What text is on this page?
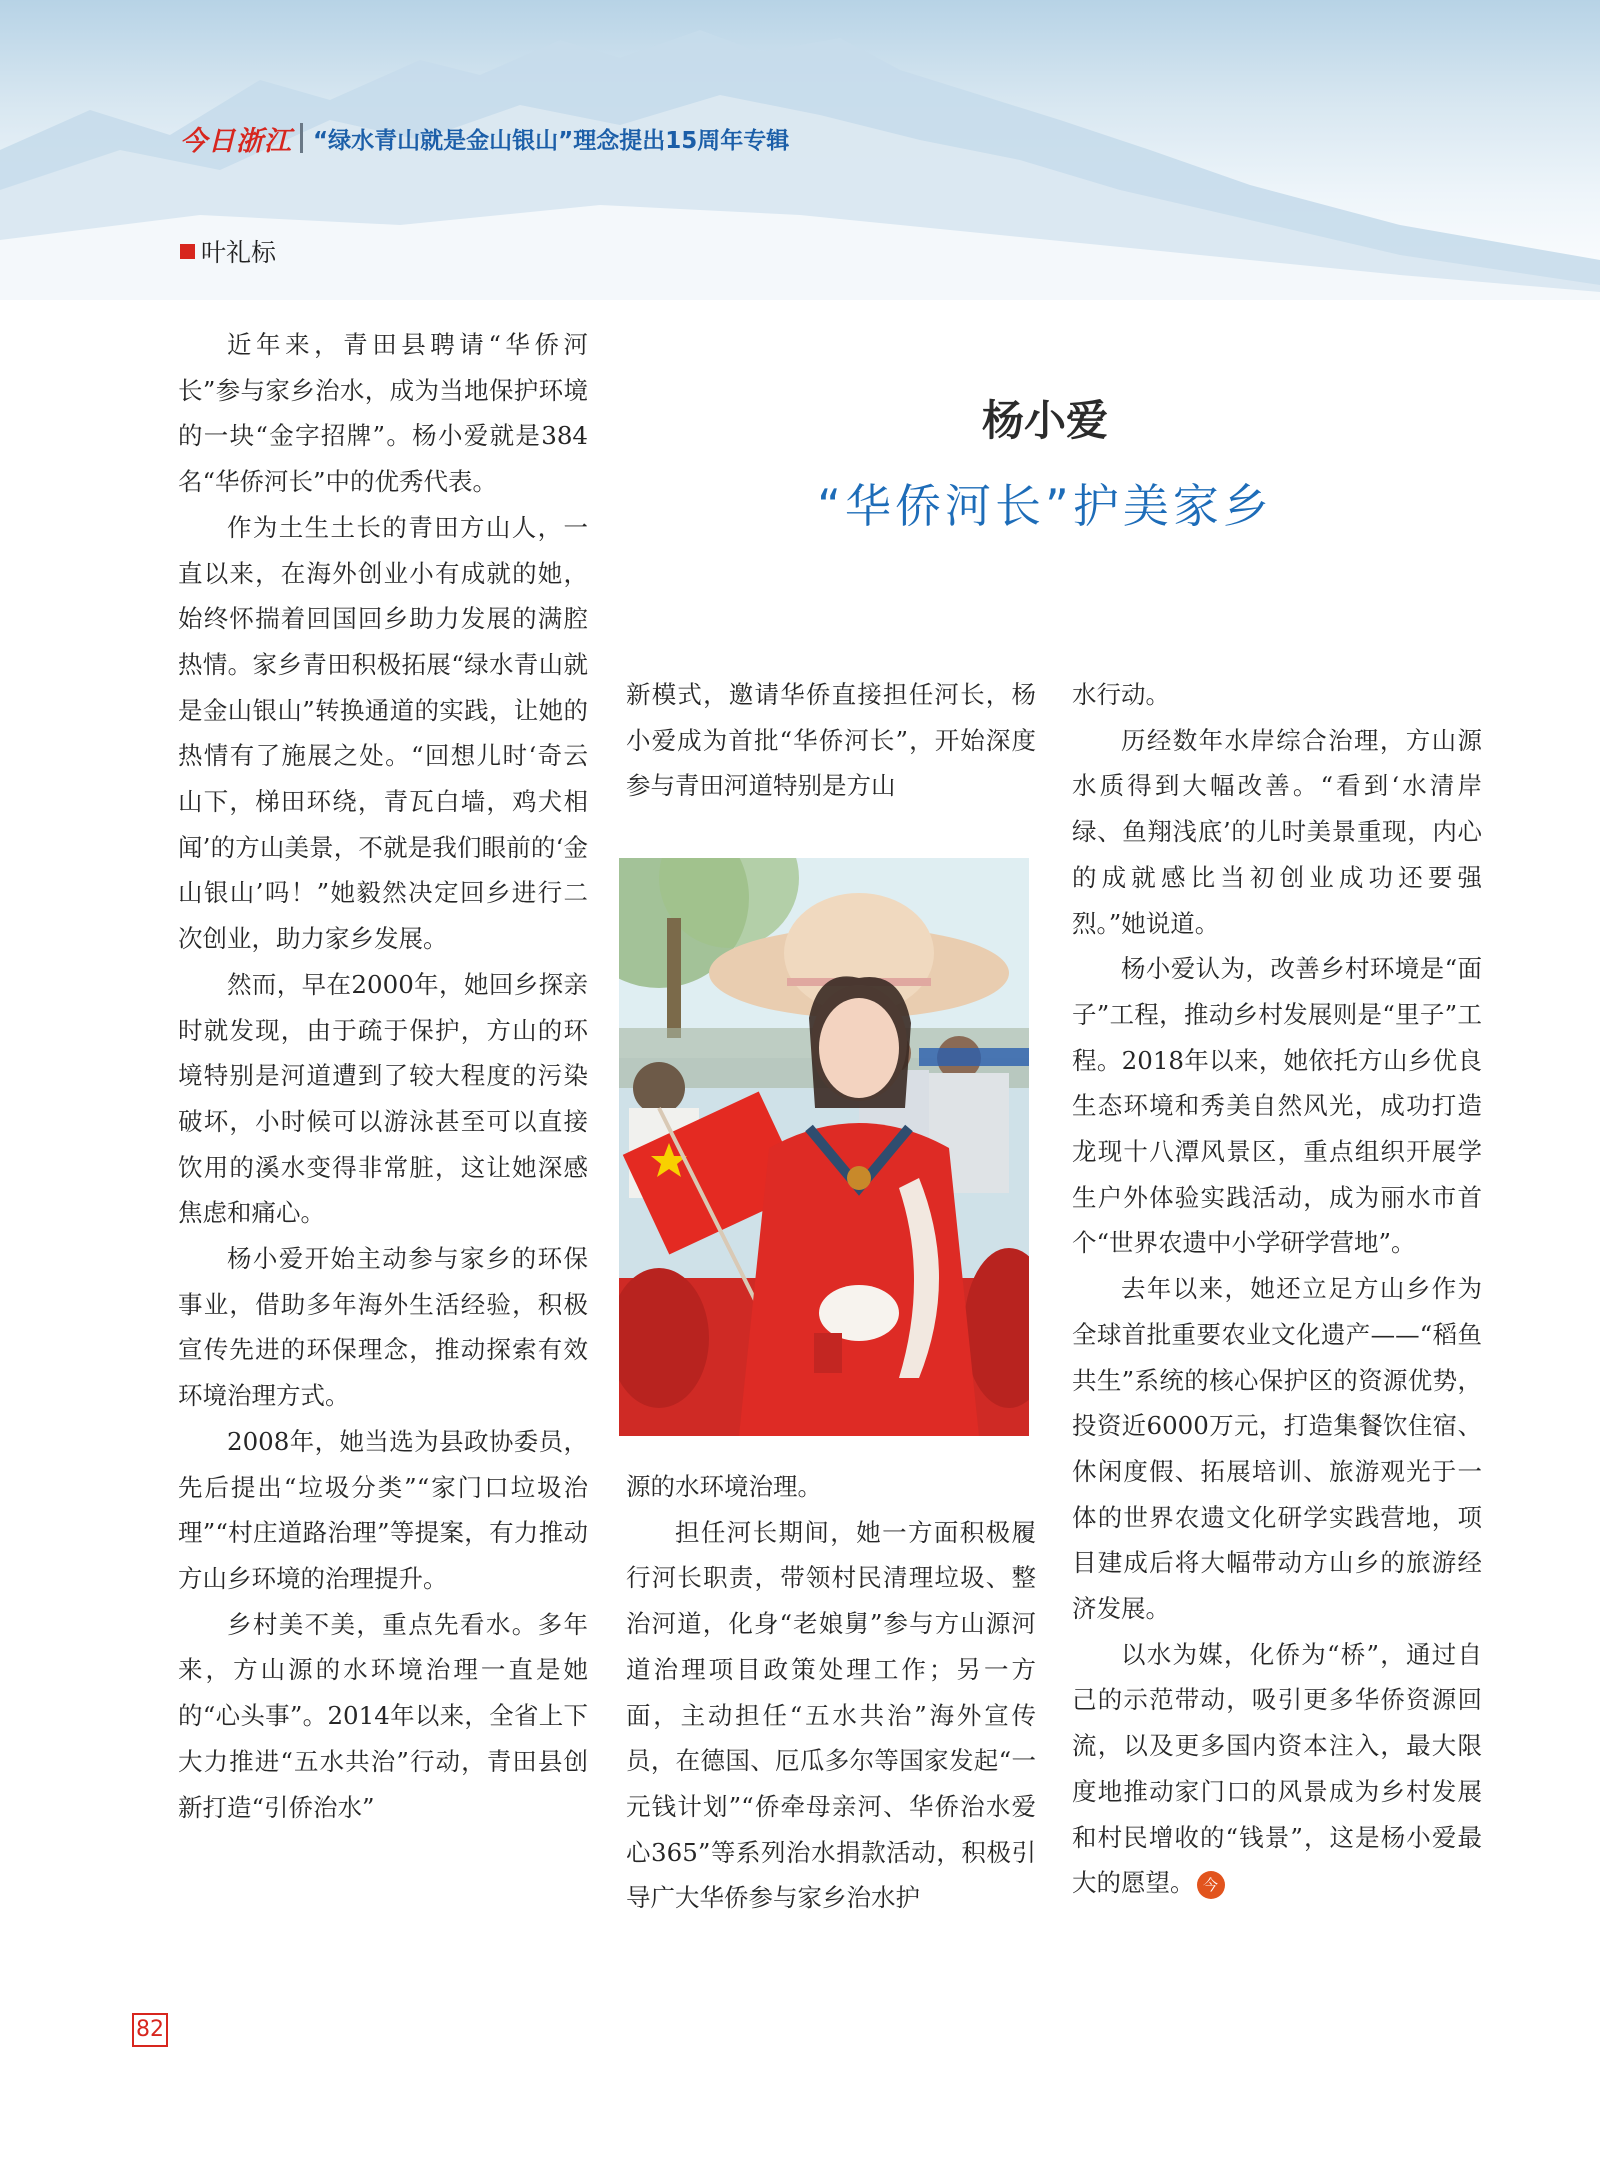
今日浙江 “绿水青山就是金山银山”理念提出15周年专辑
叶礼标
杨小爱
“华侨河长”护美家乡

近年来，青田县聘请“华侨河长”参与家乡治水，成为当地保护环境的一块“金字招牌”。杨小爱就是384名“华侨河长”中的优秀代表。

作为土生土长的青田方山人，一直以来，在海外创业小有成就的她，始终怀揣着回国回乡助力发展的满腔热情。家乡青田积极拓展“绿水青山就是金山银山”转换通道的实践，让她的热情有了施展之处。“回想儿时‘奇云山下，梯田环绕，青瓦白墙，鸡犬相闻’的方山美景，不就是我们眼前的‘金山银山’吗！”她毅然决定回乡进行二次创业，助力家乡发展。

然而，早在2000年，她回乡探亲时就发现，由于疏于保护，方山的环境特别是河道遭到了较大程度的污染破坏，小时候可以游泳甚至可以直接饮用的溪水变得非常脏，这让她深感焦虑和痛心。

杨小爱开始主动参与家乡的环保事业，借助多年海外生活经验，积极宣传先进的环保理念，推动探索有效环境治理方式。

2008年，她当选为县政协委员，先后提出“垃圾分类”“家门口垃圾治理”“村庄道路治理”等提案，有力推动方山乡环境的治理提升。

乡村美不美，重点先看水。多年来，方山源的水环境治理一直是她的“心头事”。2014年以来，全省上下大力推进“五水共治”行动，青田县创新打造“引侨治水”

新模式，邀请华侨直接担任河长，杨小爱成为首批“华侨河长”，开始深度参与青田河道特别是方山

源的水环境治理。

担任河长期间，她一方面积极履行河长职责，带领村民清理垃圾、整治河道，化身“老娘舅”参与方山源河道治理项目政策处理工作；另一方面，主动担任“五水共治”海外宣传员，在德国、厄瓜多尔等国家发起“一元钱计划”“侨牵母亲河、华侨治水爱心365”等系列治水捐款活动，积极引导广大华侨参与家乡治水护

水行动。

历经数年水岸综合治理，方山源水质得到大幅改善。“看到‘水清岸绿、鱼翔浅底’的儿时美景重现，内心的成就感比当初创业成功还要强烈。”她说道。

杨小爱认为，改善乡村环境是“面子”工程，推动乡村发展则是“里子”工程。2018年以来，她依托方山乡优良生态环境和秀美自然风光，成功打造龙现十八潭风景区，重点组织开展学生户外体验实践活动，成为丽水市首个“世界农遗中小学研学营地”。

去年以来，她还立足方山乡作为全球首批重要农业文化遗产——“稻鱼共生”系统的核心保护区的资源优势，投资近6000万元，打造集餐饮住宿、休闲度假、拓展培训、旅游观光于一体的世界农遗文化研学实践营地，项目建成后将大幅带动方山乡的旅游经济发展。

以水为媒，化侨为“桥”，通过自己的示范带动，吸引更多华侨资源回流，以及更多国内资本注入，最大限度地推动家门口的风景成为乡村发展和村民增收的“钱景”，这是杨小爱最大的愿望。 今

82
